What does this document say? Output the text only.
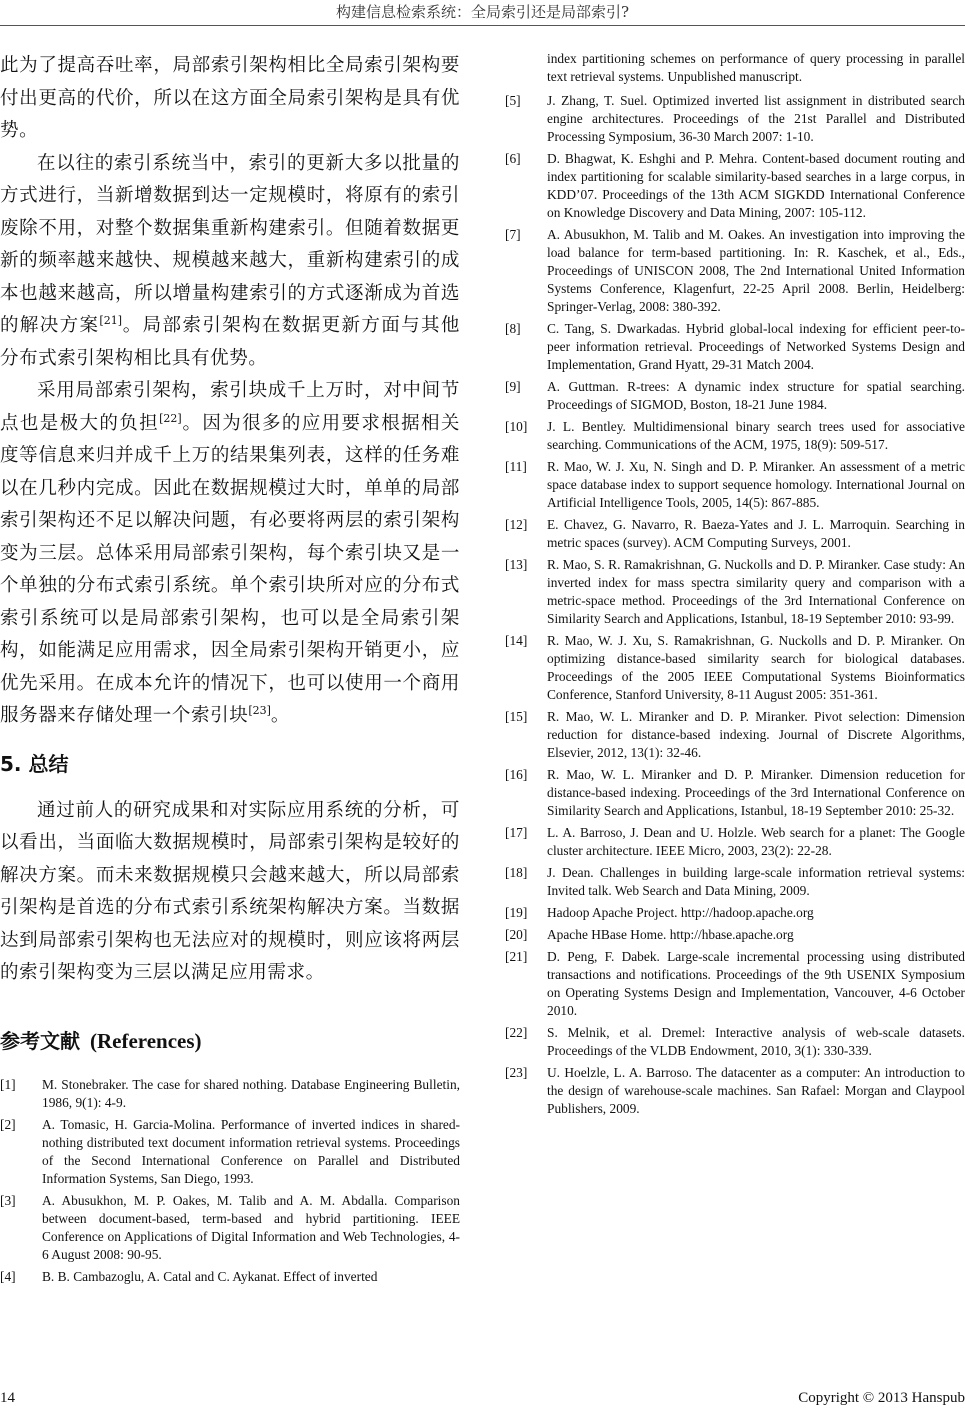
构建信息检索系统：全局索引还是局部索引?

此为了提高吞吐率，局部索引架构相比全局索引架构要付出更高的代价，所以在这方面全局索引架构是具有优势。

在以往的索引系统当中，索引的更新大多以批量的方式进行，当新增数据到达一定规模时，将原有的索引废除不用，对整个数据集重新构建索引。但随着数据更新的频率越来越快、规模越来越大，重新构建索引的成本也越来越高，所以增量构建索引的方式逐渐成为首选的解决方案[21]。局部索引架构在数据更新方面与其他分布式索引架构相比具有优势。

采用局部索引架构，索引块成千上万时，对中间节点也是极大的负担[22]。因为很多的应用要求根据相关度等信息来归并成千上万的结果集列表，这样的任务难以在几秒内完成。因此在数据规模过大时，单单的局部索引架构还不足以解决问题，有必要将两层的索引架构变为三层。总体采用局部索引架构，每个索引块又是一个单独的分布式索引系统。单个索引块所对应的分布式索引系统可以是局部索引架构，也可以是全局索引架构，如能满足应用需求，因全局索引架构开销更小，应优先采用。在成本允许的情况下，也可以使用一个商用服务器来存储处理一个索引块[23]。

5. 总结

通过前人的研究成果和对实际应用系统的分析，可以看出，当面临大数据规模时，局部索引架构是较好的解决方案。而未来数据规模只会越来越大，所以局部索引架构是首选的分布式索引系统架构解决方案。当数据达到局部索引架构也无法应对的规模时，则应该将两层的索引架构变为三层以满足应用需求。

参考文献 (References)
[1]	M. Stonebraker. The case for shared nothing. Database Engineering Bulletin, 1986, 9(1): 4-9.
[2]	A. Tomasic, H. Garcia-Molina. Performance of inverted indices in shared-nothing distributed text document information retrieval systems. Proceedings of the Second International Conference on Parallel and Distributed Information Systems, San Diego, 1993.
[3]	A. Abusukhon, M. P. Oakes, M. Talib and A. M. Abdalla. Comparison between document-based, term-based and hybrid partitioning. IEEE Conference on Applications of Digital Information and Web Technologies, 4-6 August 2008: 90-95.
[4]	B. B. Cambazoglu, A. Catal and C. Aykanat. Effect of inverted
index partitioning schemes on performance of query processing in parallel text retrieval systems. Unpublished manuscript.
[5]	J. Zhang, T. Suel. Optimized inverted list assignment in distributed search engine architectures. Proceedings of the 21st Parallel and Distributed Processing Symposium, 36-30 March 2007: 1-10.
[6]	D. Bhagwat, K. Eshghi and P. Mehra. Content-based document routing and index partitioning for scalable similarity-based searches in a large corpus, in KDD’07. Proceedings of the 13th ACM SIGKDD International Conference on Knowledge Discovery and Data Mining, 2007: 105-112.
[7]	A. Abusukhon, M. Talib and M. Oakes. An investigation into improving the load balance for term-based partitioning. In: R. Kaschek, et al., Eds., Proceedings of UNISCON 2008, The 2nd International United Information Systems Conference, Klagenfurt, 22-25 April 2008. Berlin, Heidelberg: Springer-Verlag, 2008: 380-392.
[8]	C. Tang, S. Dwarkadas. Hybrid global-local indexing for efficient peer-to-peer information retrieval. Proceedings of Networked Systems Design and Implementation, Grand Hyatt, 29-31 Match 2004.
[9]	A. Guttman. R-trees: A dynamic index structure for spatial searching. Proceedings of SIGMOD, Boston, 18-21 June 1984.
[10]	J. L. Bentley. Multidimensional binary search trees used for associative searching. Communications of the ACM, 1975, 18(9): 509-517.
[11]	R. Mao, W. J. Xu, N. Singh and D. P. Miranker. An assessment of a metric space database index to support sequence homology. International Journal on Artificial Intelligence Tools, 2005, 14(5): 867-885.
[12]	E. Chavez, G. Navarro, R. Baeza-Yates and J. L. Marroquin. Searching in metric spaces (survey). ACM Computing Surveys, 2001.
[13]	R. Mao, S. R. Ramakrishnan, G. Nuckolls and D. P. Miranker. Case study: An inverted index for mass spectra similarity query and comparison with a metric-space method. Proceedings of the 3rd International Conference on Similarity Search and Applications, Istanbul, 18-19 September 2010: 93-99.
[14]	R. Mao, W. J. Xu, S. Ramakrishnan, G. Nuckolls and D. P. Miranker. On optimizing distance-based similarity search for biological databases. Proceedings of the 2005 IEEE Computational Systems Bioinformatics Conference, Stanford University, 8-11 August 2005: 351-361.
[15]	R. Mao, W. L. Miranker and D. P. Miranker. Pivot selection: Dimension reduction for distance-based indexing. Journal of Discrete Algorithms, Elsevier, 2012, 13(1): 32-46.
[16]	R. Mao, W. L. Miranker and D. P. Miranker. Dimension reducetion for distance-based indexing. Proceedings of the 3rd International Conference on Similarity Search and Applications, Istanbul, 18-19 September 2010: 25-32.
[17]	L. A. Barroso, J. Dean and U. Holzle. Web search for a planet: The Google cluster architecture. IEEE Micro, 2003, 23(2): 22-28.
[18]	J. Dean. Challenges in building large-scale information retrieval systems: Invited talk. Web Search and Data Mining, 2009.
[19]	Hadoop Apache Project. http://hadoop.apache.org
[20]	Apache HBase Home. http://hbase.apache.org
[21]	D. Peng, F. Dabek. Large-scale incremental processing using distributed transactions and notifications. Proceedings of the 9th USENIX Symposium on Operating Systems Design and Implementation, Vancouver, 4-6 October 2010.
[22]	S. Melnik, et al. Dremel: Interactive analysis of web-scale datasets. Proceedings of the VLDB Endowment, 2010, 3(1): 330-339.
[23]	U. Hoelzle, L. A. Barroso. The datacenter as a computer: An introduction to the design of warehouse-scale machines. San Rafael: Morgan and Claypool Publishers, 2009.
14	Copyright © 2013 Hanspub
